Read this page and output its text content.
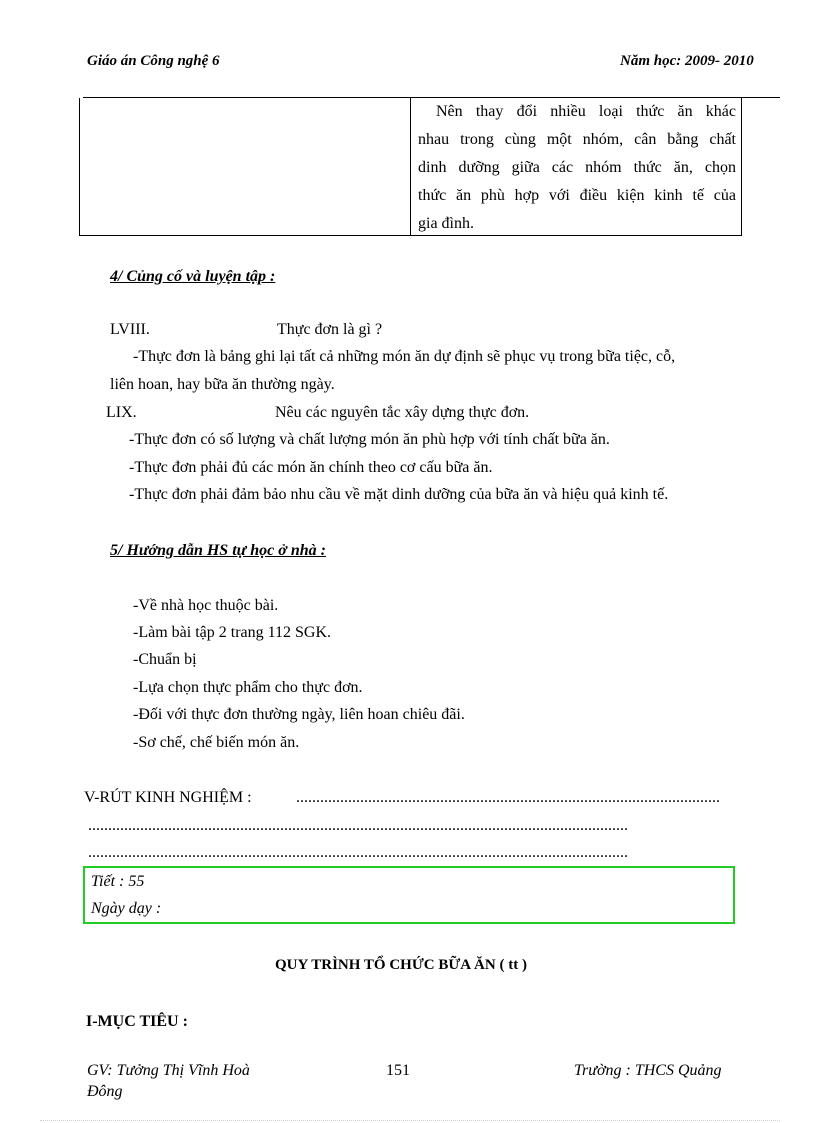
Giáo án Công nghệ 6	Năm học: 2009- 2010
Nên thay đổi nhiều loại thức ăn khác
nhau trong cùng một nhóm, cân bằng chất
dinh dưỡng giữa các nhóm thức ăn, chọn
thức ăn phù hợp với điều kiện kinh tế của
gia đình.
4/ Củng cố và luyện tập :
LVIII.	Thực đơn là gì ?
-Thực đơn là bảng ghi lại tất cả những món ăn dự định sẽ phục vụ trong bữa tiệc, cỗ,
liên hoan, hay bữa ăn thường ngày.
LIX.	Nêu các nguyên tắc xây dựng thực đơn.
-Thực đơn có số lượng và chất lượng món ăn phù hợp với tính chất bữa ăn.
-Thực đơn phải đủ các món ăn chính theo cơ cấu bữa ăn.
-Thực đơn phải đảm bảo nhu cầu về mặt dinh dưỡng của bữa ăn và hiệu quả kinh tế.
5/ Hướng dẫn HS tự học ở nhà :
-Về nhà học thuộc bài.
-Làm bài tập 2 trang 112 SGK.
-Chuẩn bị
-Lựa chọn thực phẩm cho thực đơn.
-Đối với thực đơn thường ngày, liên hoan chiêu đãi.
-Sơ chế, chế biến món ăn.
V-RÚT KINH NGHIỆM :	..........................................................................................................
.......................................................................................................................................
.......................................................................................................................................
Tiết : 55
Ngày dạy :
QUY TRÌNH TỔ CHỨC BỮA ĂN ( tt )
I-MỤC TIÊU :
GV: Tưởng Thị Vĩnh Hoà	151	Trường : THCS Quảng
Đông
